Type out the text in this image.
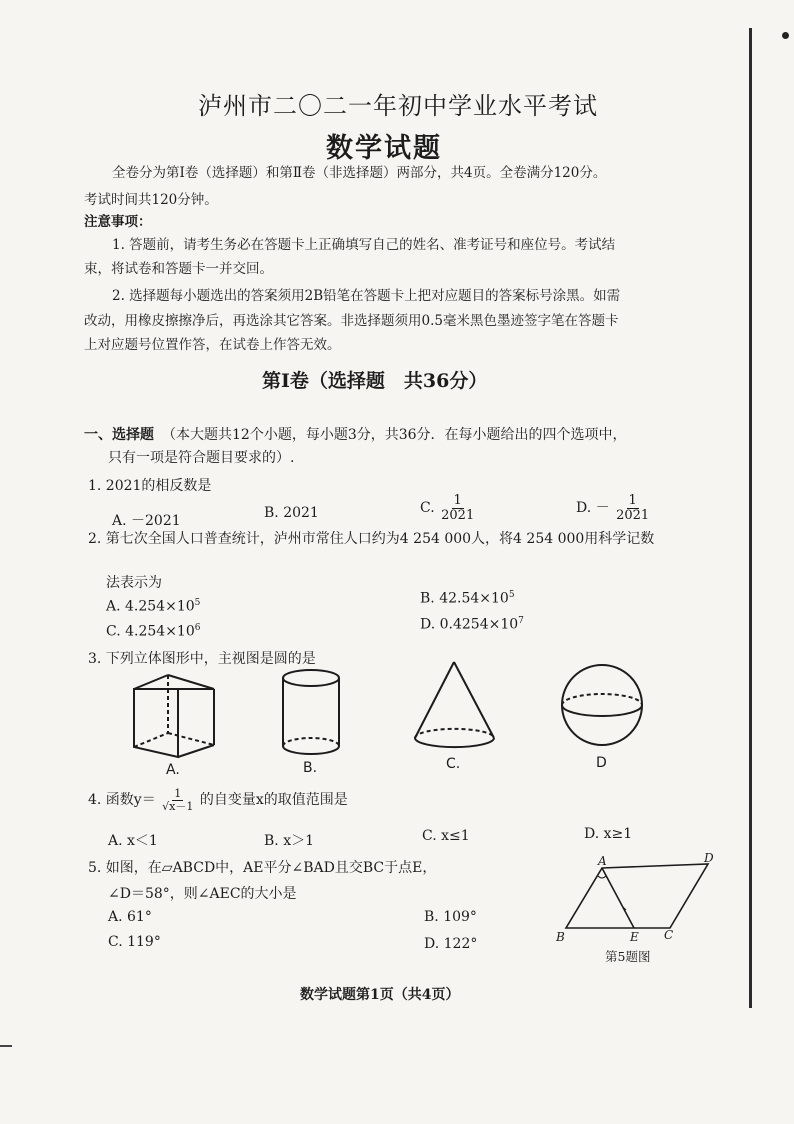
泸州市二〇二一年初中学业水平考试
数学试题
全卷分为第Ⅰ卷（选择题）和第Ⅱ卷（非选择题）两部分，共4页。全卷满分120分。
考试时间共120分钟。
注意事项：
1. 答题前，请考生务必在答题卡上正确填写自己的姓名、准考证号和座位号。考试结
束，将试卷和答题卡一并交回。
2. 选择题每小题选出的答案须用2B铅笔在答题卡上把对应题目的答案标号涂黑。如需
改动，用橡皮擦擦净后，再选涂其它答案。非选择题须用0.5毫米黑色墨迹签字笔在答题卡
上对应题号位置作答，在试卷上作答无效。
第Ⅰ卷（选择题　共36分）
一、选择题 （本大题共12个小题，每小题3分，共36分．在每小题给出的四个选项中，
只有一项是符合题目要求的）.
1. 2021的相反数是
A. －2021	B. 2021	C. $\frac{1}{2021}$	D. － $\frac{1}{2021}$
2. 第七次全国人口普查统计，泸州市常住人口约为4 254 000人，将4 254 000用科学记数
法表示为
A. $4.254\times 10^5$	B. $42.54\times 10^5$
C. $4.254\times 10^6$	D. $0.4254\times 10^7$
3. 下列立体图形中，主视图是圆的是
A.	B.	C.	D
4. 函数$y= \frac{1}{√x-1}$ 的自变量x的取值范围是
A. x＜1	B. x＞1	C. x≤1	D. x≥1
5. 如图，在▱ABCD中，AE平分∠BAD且交BC于点E，
∠D＝58°，则∠AEC的大小是
A. 61°	B. 109°
C. 119°	D. 122°
A	D
B	E C
第5题图
数学试题第1页（共4页）
